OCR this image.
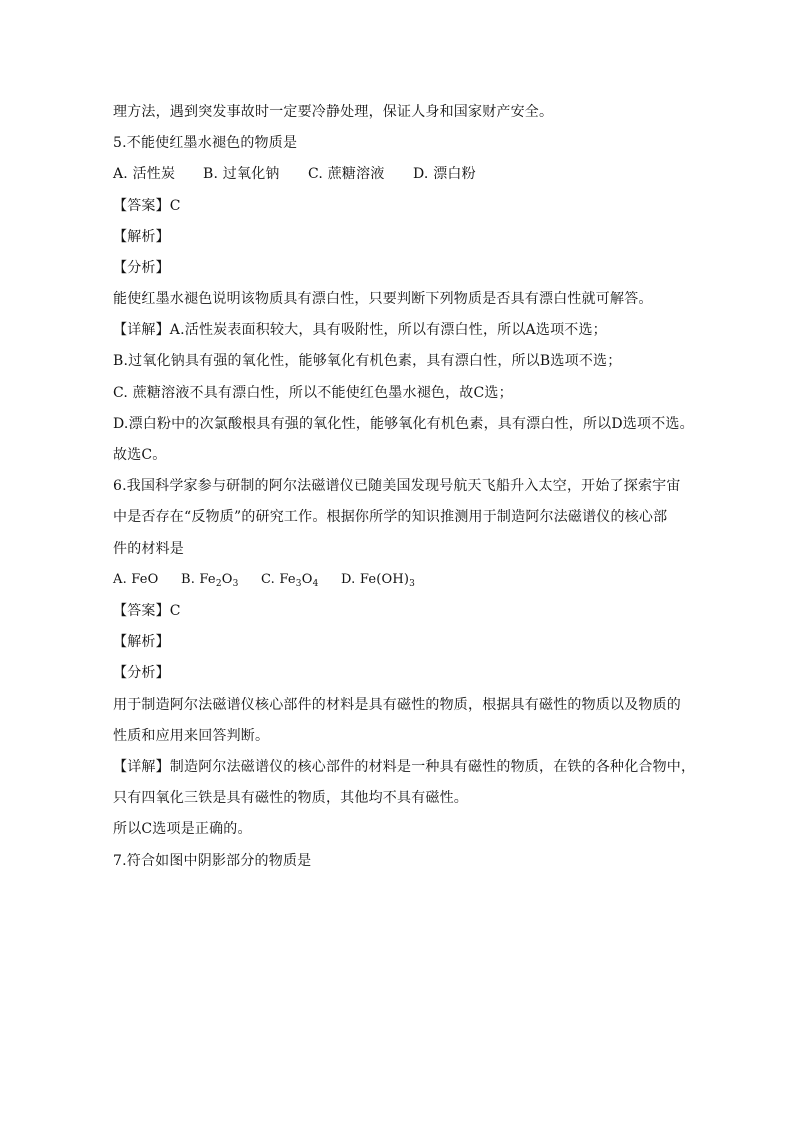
理方法，遇到突发事故时一定要冷静处理，保证人身和国家财产安全。
5.不能使红墨水褪色的物质是
A. 活性炭 B. 过氧化钠 C. 蔗糖溶液 D. 漂白粉
【答案】C
【解析】
【分析】
能使红墨水褪色说明该物质具有漂白性，只要判断下列物质是否具有漂白性就可解答。
【详解】A.活性炭表面积较大，具有吸附性，所以有漂白性，所以A选项不选；
B.过氧化钠具有强的氧化性，能够氧化有机色素，具有漂白性，所以B选项不选；
C. 蔗糖溶液不具有漂白性，所以不能使红色墨水褪色，故C选；
D.漂白粉中的次氯酸根具有强的氧化性，能够氧化有机色素，具有漂白性，所以D选项不选。
故选C。
6.我国科学家参与研制的阿尔法磁谱仪已随美国发现号航天飞船升入太空，开始了探索宇宙
中是否存在“反物质”的研究工作。根据你所学的知识推测用于制造阿尔法磁谱仪的核心部
件的材料是
A. FeO B. $Fe_2O_3$ C. $Fe_3O_4$ D. $Fe(OH)_3$
【答案】C
【解析】
【分析】
用于制造阿尔法磁谱仪核心部件的材料是具有磁性的物质，根据具有磁性的物质以及物质的
性质和应用来回答判断。
【详解】制造阿尔法磁谱仪的核心部件的材料是一种具有磁性的物质，在铁的各种化合物中，
只有四氧化三铁是具有磁性的物质，其他均不具有磁性。
所以C选项是正确的。
7.符合如图中阴影部分的物质是
